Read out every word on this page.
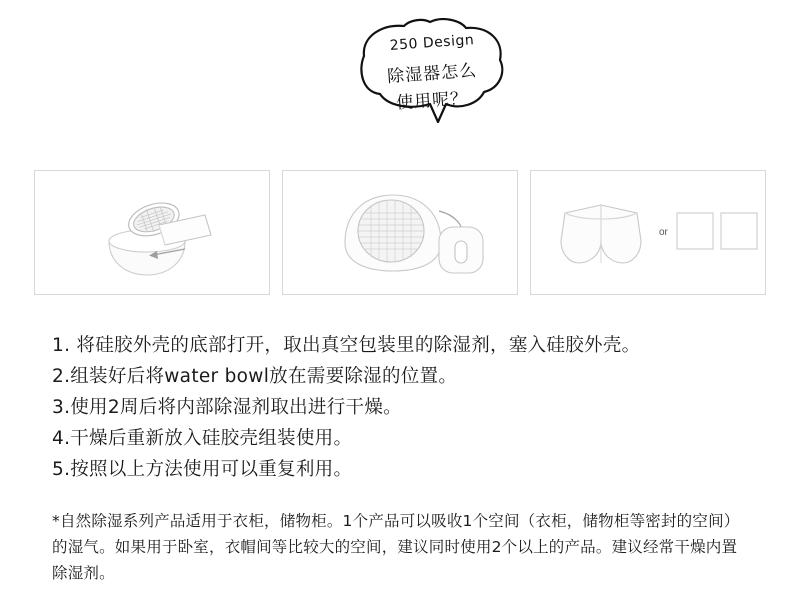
250 Design
除湿器怎么
使用呢？
or
1. 将硅胶外壳的底部打开，取出真空包装里的除湿剂，塞入硅胶外壳。
2.组装好后将water bowl放在需要除湿的位置。
3.使用2周后将内部除湿剂取出进行干燥。
4.干燥后重新放入硅胶壳组装使用。
5.按照以上方法使用可以重复利用。
*自然除湿系列产品适用于衣柜，储物柜。1个产品可以吸收1个空间（衣柜，储物柜等密封的空间）的湿气。如果用于卧室，衣帽间等比较大的空间，建议同时使用2个以上的产品。建议经常干燥内置除湿剂。
